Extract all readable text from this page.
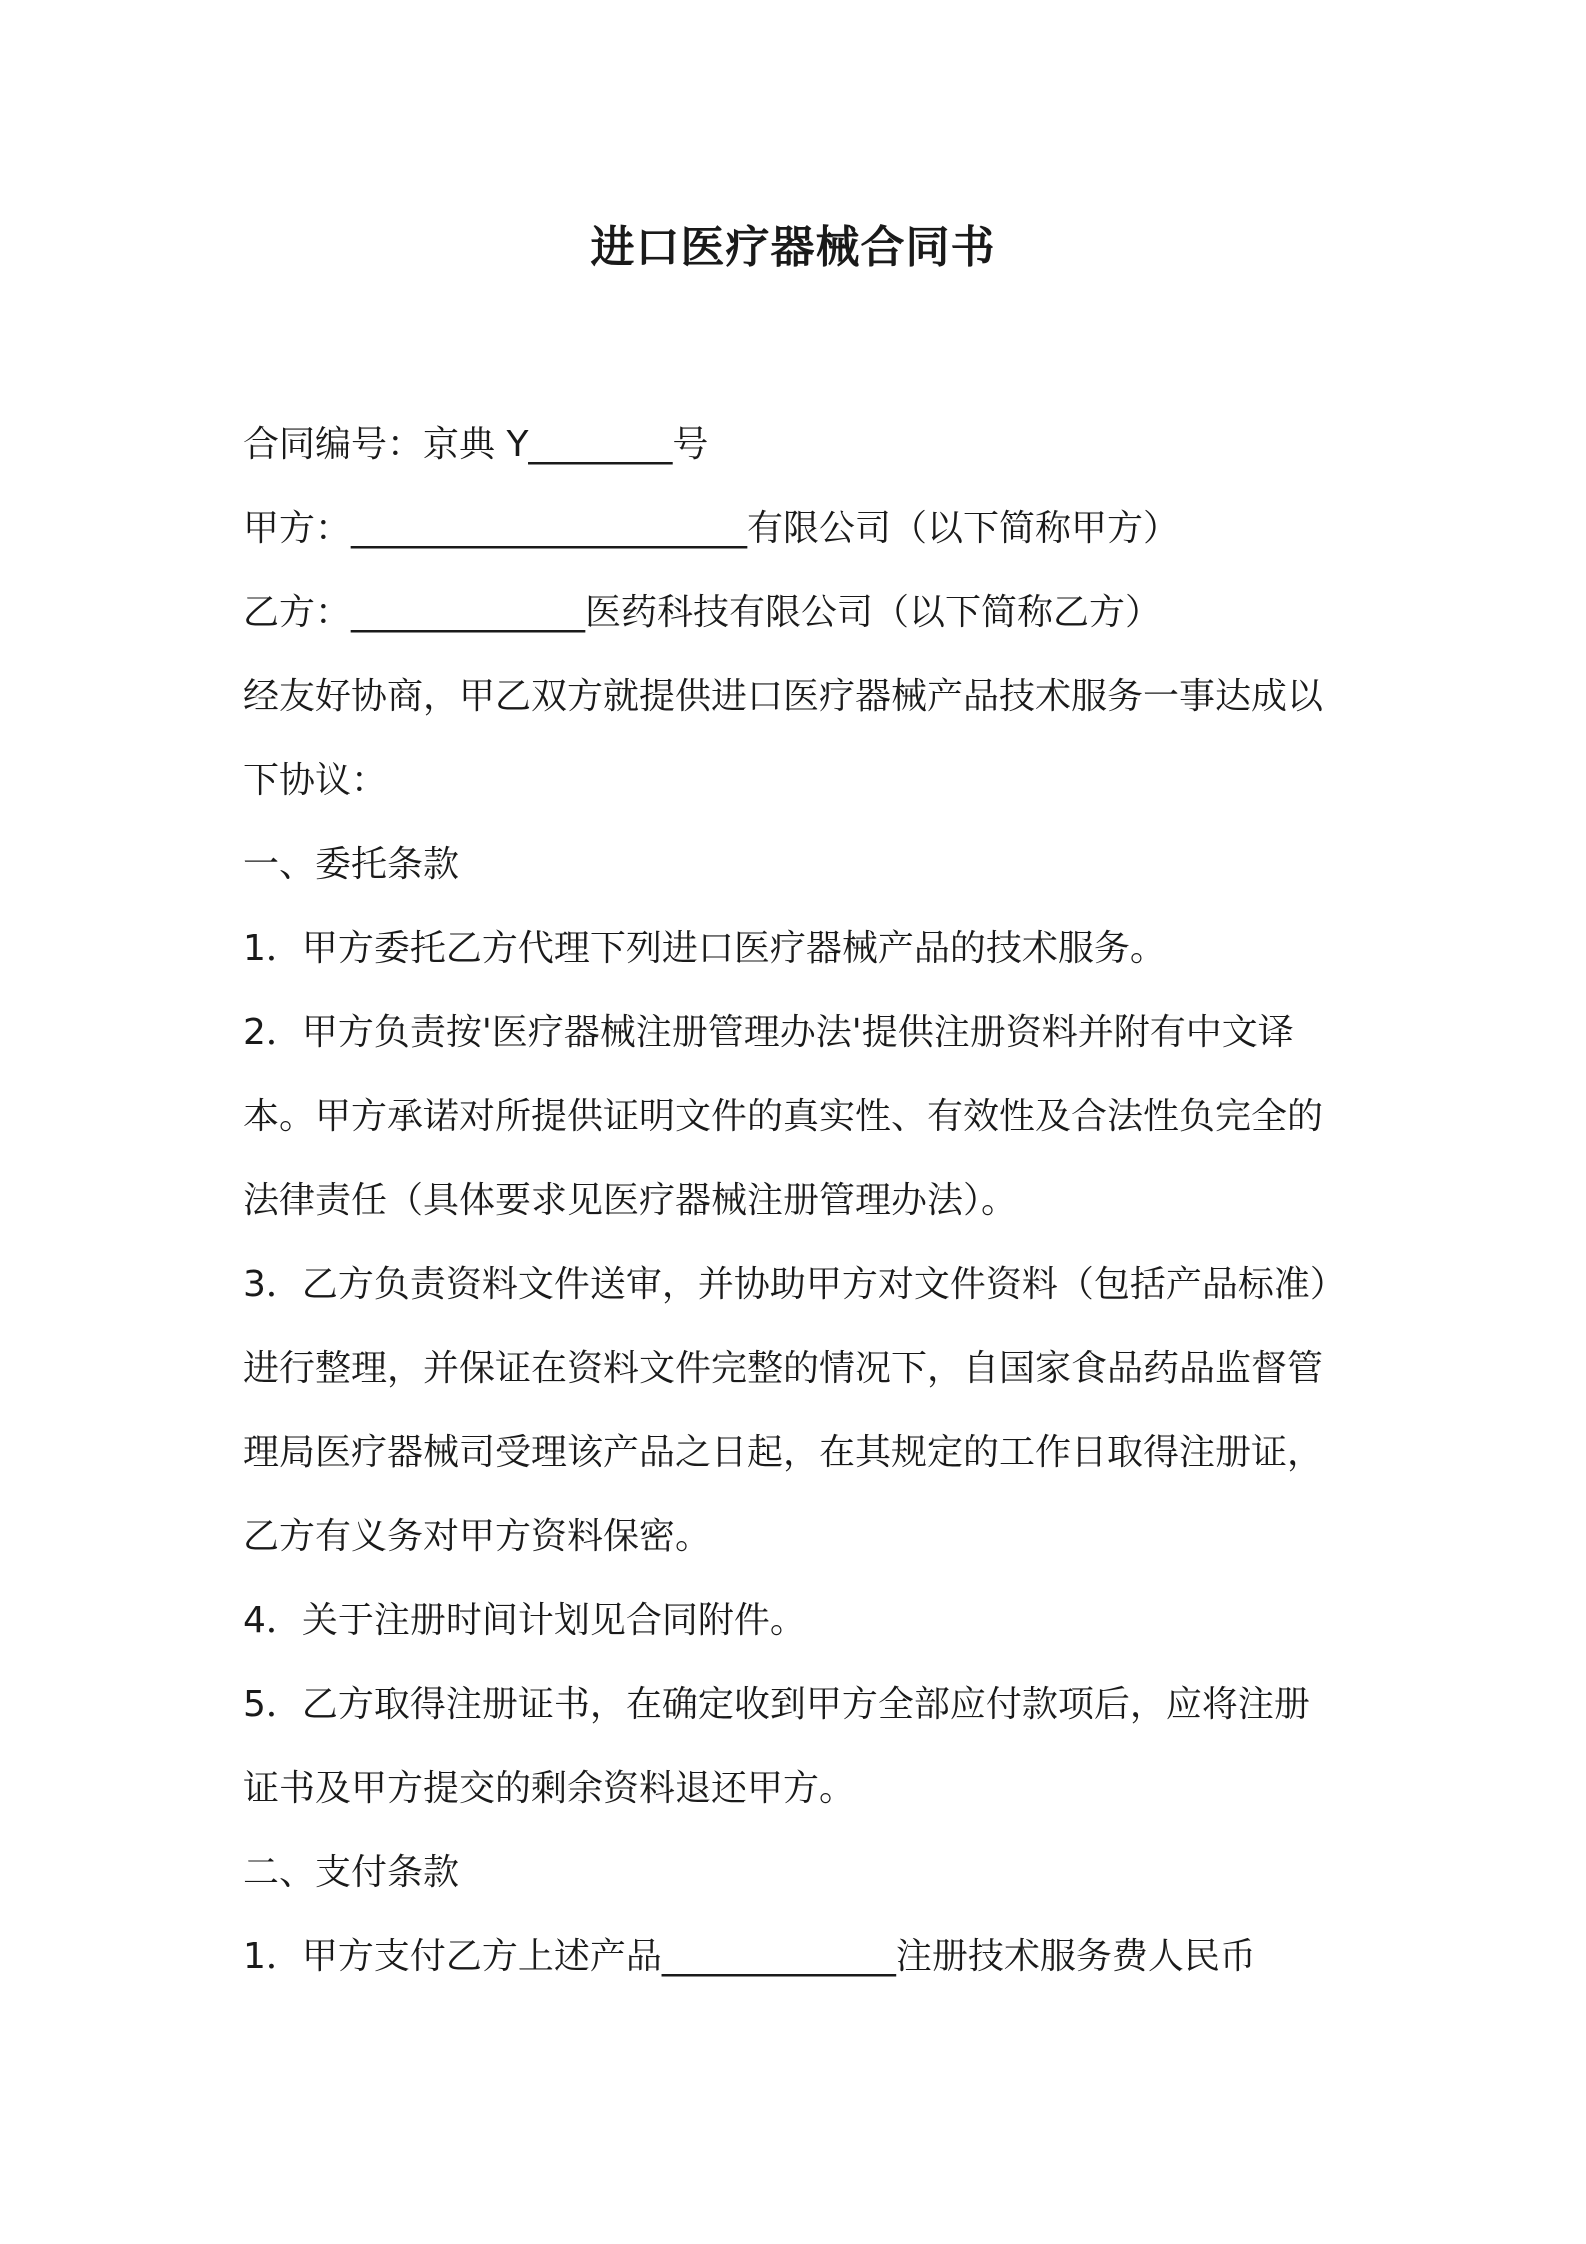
进口医疗器械合同书

合同编号：京典 Y________号

甲方：______________________有限公司（以下简称甲方）

乙方：_____________医药科技有限公司（以下简称乙方）

经友好协商，甲乙双方就提供进口医疗器械产品技术服务一事达成以

下协议：

一、委托条款

1．甲方委托乙方代理下列进口医疗器械产品的技术服务。

2．甲方负责按'医疗器械注册管理办法'提供注册资料并附有中文译

本。甲方承诺对所提供证明文件的真实性、有效性及合法性负完全的

法律责任（具体要求见医疗器械注册管理办法）。

3．乙方负责资料文件送审，并协助甲方对文件资料（包括产品标准）

进行整理，并保证在资料文件完整的情况下，自国家食品药品监督管

理局医疗器械司受理该产品之日起，在其规定的工作日取得注册证，

乙方有义务对甲方资料保密。

4．关于注册时间计划见合同附件。

5．乙方取得注册证书，在确定收到甲方全部应付款项后，应将注册

证书及甲方提交的剩余资料退还甲方。

二、支付条款

1．甲方支付乙方上述产品_____________注册技术服务费人民币
